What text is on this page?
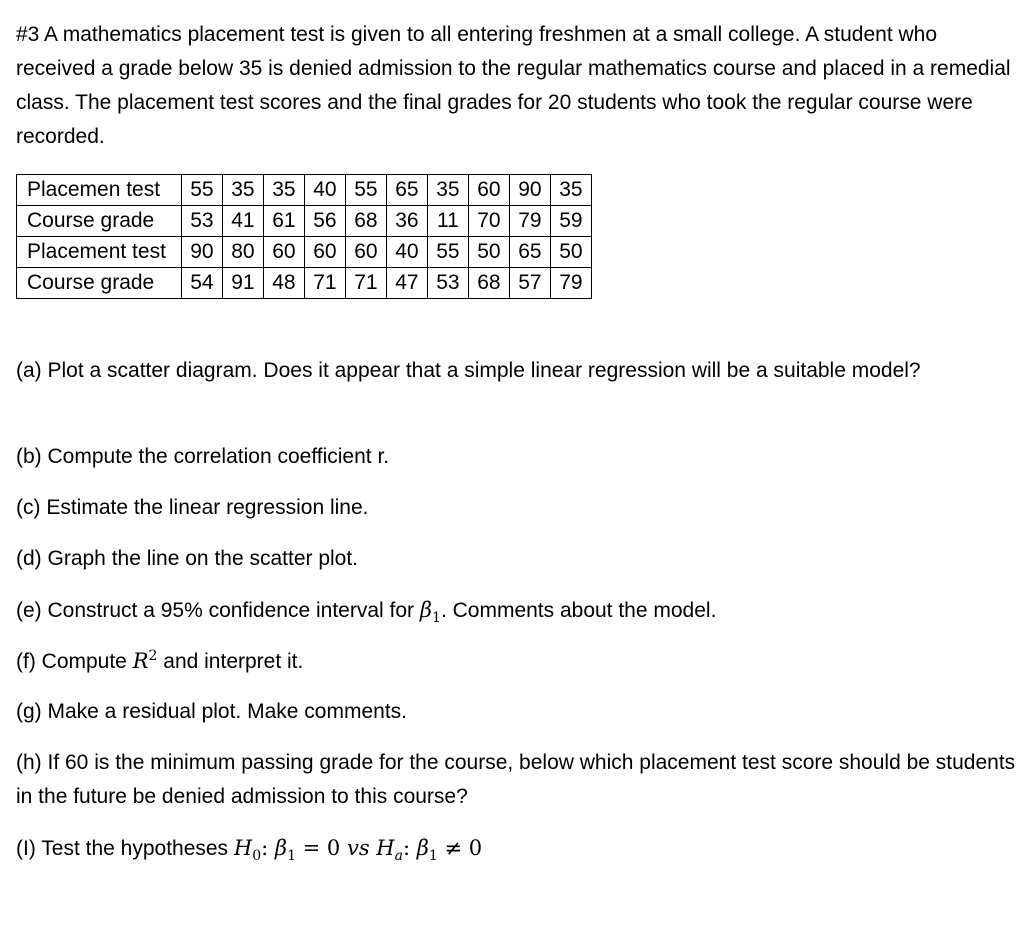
#3 A mathematics placement test is given to all entering freshmen at a small college. A student who received a grade below 35 is denied admission to the regular mathematics course and placed in a remedial class. The placement test scores and the final grades for 20 students who took the regular course were recorded.

Placemen test	55	35	35	40	55	65	35	60	90	35
Course grade	53	41	61	56	68	36	11	70	79	59
Placement test	90	80	60	60	60	40	55	50	65	50
Course grade	54	91	48	71	71	47	53	68	57	79

(a) Plot a scatter diagram. Does it appear that a simple linear regression will be a suitable model?

(b) Compute the correlation coefficient r.

(c) Estimate the linear regression line.

(d) Graph the line on the scatter plot.

(e) Construct a 95% confidence interval for $\beta_1$. Comments about the model.

(f) Compute $R^2$ and interpret it.

(g) Make a residual plot. Make comments.

(h) If 60 is the minimum passing grade for the course, below which placement test score should be students in the future be denied admission to this course?

(I) Test the hypotheses $H_0$: $\beta_1 = 0$ vs $H_a$: $\beta_1 \ne 0$
